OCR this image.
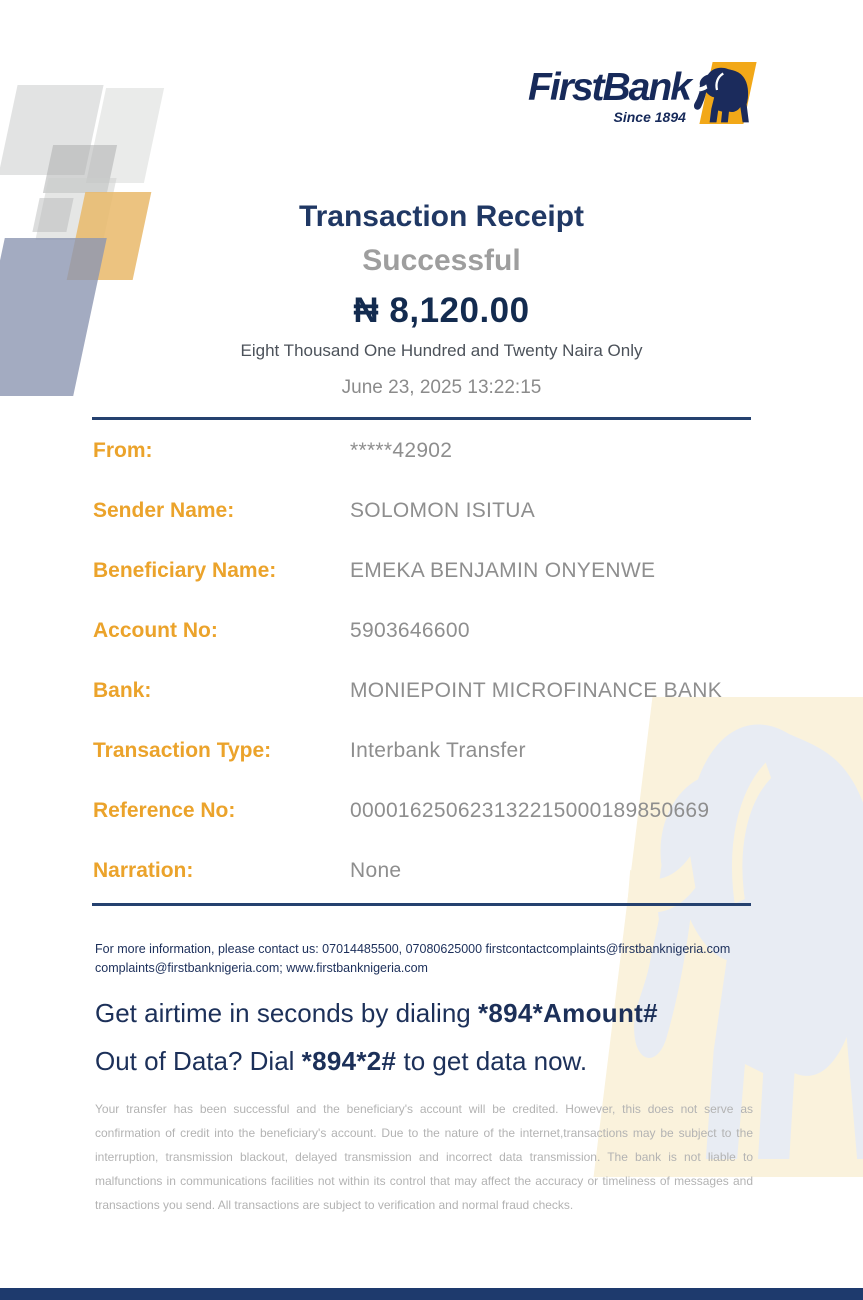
FirstBank
Since 1894
Transaction Receipt
Successful
₦ 8,120.00
Eight Thousand One Hundred and Twenty Naira Only
June 23, 2025 13:22:15
From:	*****42902
Sender Name:	SOLOMON ISITUA
Beneficiary Name:	EMEKA BENJAMIN ONYENWE
Account No:	5903646600
Bank:	MONIEPOINT MICROFINANCE BANK
Transaction Type:	Interbank Transfer
Reference No:	000016250623132215000189850669
Narration:	None
For more information, please contact us: 07014485500, 07080625000 firstcontactcomplaints@firstbanknigeria.com complaints@firstbanknigeria.com; www.firstbanknigeria.com

Get airtime in seconds by dialing *894*Amount#

Out of Data? Dial *894*2# to get data now.

Your transfer has been successful and the beneficiary's account will be credited. However, this does not serve as confirmation of credit into the beneficiary's account. Due to the nature of the internet,transactions may be subject to the interruption, transmission blackout, delayed transmission and incorrect data transmission. The bank is not liable to malfunctions in communications facilities not within its control that may affect the accuracy or timeliness of messages and transactions you send. All transactions are subject to verification and normal fraud checks.
